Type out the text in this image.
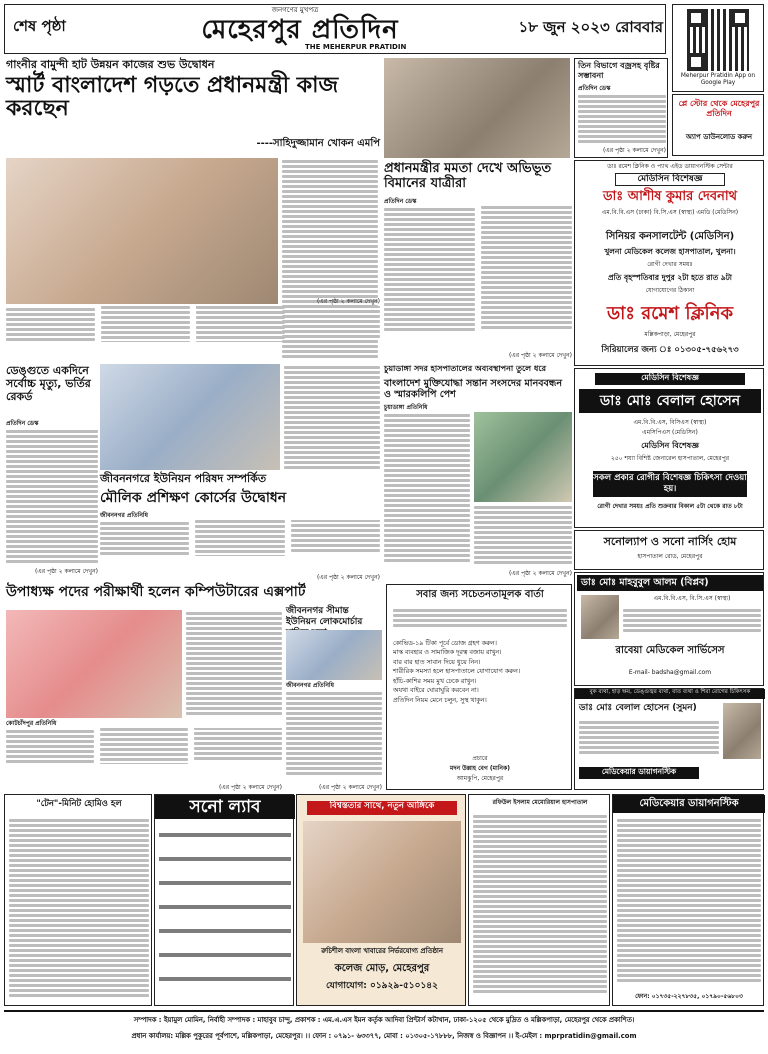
শেষ পৃষ্ঠা
জনগণের মুখপত্র
মেহেরপুর প্রতিদিন
THE MEHERPUR PRATIDIN
১৮ জুন ২০২৩ রোববার
Meherpur Pratidin App on Google Play
গাংনীর বামুন্দী হাট উন্নয়ন কাজের শুভ উদ্বোধন
স্মার্ট বাংলাদেশ গড়তে প্রধানমন্ত্রী কাজ করছেন
----সাহিদুজ্জামান খোকন এমপি
(এর পৃষ্ঠা ২ কলামে দেখুন)
তিন বিভাগে বজ্রসহ বৃষ্টির সম্ভাবনা
প্রতিদিন ডেস্ক
(এর পৃষ্ঠা ২ কলামে দেখুন)
প্লে স্টোর থেকে মেহেরপুর প্রতিদিন
অ্যাপ ডাউনলোড করুন
প্রধানমন্ত্রীর মমতা দেখে অভিভূত বিমানের যাত্রীরা
প্রতিদিন ডেস্ক
(এর পৃষ্ঠা ২ কলামে দেখুন)
ডাঃ রমেশ ক্লিনিক ও প্যাথ এইড ডায়াগনস্টিক সেন্টার
মেডিসিন বিশেষজ্ঞ
ডাঃ আশীষ কুমার দেবনাথ
এম.বি.বি.এস (ঢাকা) বি.সি.এস (স্বাস্থ্য) এমডি (মেডিসিন)
সিনিয়র কনসালটেন্ট (মেডিসিন)
খুলনা মেডিকেল কলেজ হাসপাতাল, খুলনা।
রোগী দেখার সময়ঃ
প্রতি বৃহস্পতিবার দুপুর ২টা হতে রাত ৯টা
যোগাযোগের ঠিকানা
ডাঃ রমেশ ক্লিনিক
মল্লিকপাড়া, মেহেরপুর
সিরিয়ালের জন্য ঃ ০১৩০৫-৭৫৬২৭৩
ডেঙ্গুতে একদিনে সর্বোচ্চ মৃত্যু, ভর্তির রেকর্ড
প্রতিদিন ডেস্ক
(এর পৃষ্ঠা ২ কলামে দেখুন)
জীবননগরে ইউনিয়ন পরিষদ সম্পর্কিত
মৌলিক প্রশিক্ষণ কোর্সের উদ্বোধন
জীবননগর প্রতিনিধি
(এর পৃষ্ঠা ২ কলামে দেখুন)
চুয়াডাঙ্গা সদর হাসপাতালের অব্যবস্থাপনা তুলে ধরে
বাংলাদেশ মুক্তিযোদ্ধা সন্তান সংসদের মানববন্ধন ও স্মারকলিপি পেশ
চুয়াডাঙ্গা প্রতিনিধি
(এর পৃষ্ঠা ২ কলামে দেখুন)
মেডিসিন বিশেষজ্ঞ
ডাঃ মোঃ বেলাল হোসেন
এম.বি.বি.এস, বিসিএস (স্বাস্থ্য)
এমসিপিএস (মেডিসিন)
মেডিসিন বিশেষজ্ঞ
২৫০ শয্যা বিশিষ্ট জেনারেল হাসপাতাল, মেহেরপুর
সকল প্রকার রোগীর বিশেষজ্ঞ চিকিৎসা দেওয়া হয়।
রোগী দেখার সময়ঃ প্রতি শুক্রবার বিকাল ৫টা থেকে রাত ৮টা
সনোল্যাপ ও সনো নার্সিং হোম
হাসপাতাল রোড, মেহেরপুর
ডাঃ মোঃ মাহবুবুল আলম (বিপ্লব)
এম.বি.বি.এস, বি.সি.এস (স্বাস্থ্য)
রাবেয়া মেডিকেল সার্ভিসেস
E-mail- badsha@gmail.com
বুক ব্যথা, হাড় ক্ষয়, ডেঙ্গুজ্বর ব্যথা, বাত ব্যথা ও শিরা রোগের চিকিৎসক
ডাঃ মোঃ বেলাল হোসেন (সুমন)
মেডিকেয়ার ডায়াগনস্টিক
উপাধ্যক্ষ পদের পরীক্ষার্থী হলেন কম্পিউটারের এক্সপার্ট
কোটচাঁদপুর প্রতিনিধি
(এর পৃষ্ঠা ২ কলামে দেখুন)
জীবননগর সীমান্ত ইউনিয়ন লোকমোর্চার
জীবননগর প্রতিনিধি
(এর পৃষ্ঠা ২ কলামে দেখুন)
সবার জন্য সচেতনতামূলক বার্তা
কোভিড-১৯ টিকা পূর্বে ডোজ গ্রহণ করুন।
মাস্ক ব্যবহার ও সামাজিক দূরত্ব বজায় রাখুন।
বার বার হাত সাবান দিয়ে ধুয়ে নিন।
শারীরিক সমস্যা হলে হাসপাতালে যোগাযোগ করুন।
হাঁচি-কাশির সময় মুখ ঢেকে রাখুন।
অযথা বাইরে ঘোরাঘুরি করবেন না।
প্রতিদিন নিয়ম মেনে চলুন, সুস্থ থাকুন।
প্রচারে
মদন উল্লাহ বেগ (মানিক)
আমঝুপি, মেহেরপুর
"টেন"-মিনিট হোমিও হল	সনো ল্যাব	বিশ্বস্ততার সাথে, নতুন আঙ্গিকে
রুচিশীল বাংলা খাবারের নির্ভরযোগ্য প্রতিষ্ঠান
কলেজ মোড়, মেহেরপুর
যোগাযোগ: ০১৯২৯-৫১০১৪২
রফিউল ইসলাম মেমোরিয়াল হাসপাতাল	মেডিকেয়ার ডায়াগনস্টিক
ফোন: ০১৭৩৫-২২৭৮৩৫, ০১৭৯০-৫৬৮০৩
সম্পাদক : ইয়ামুল মোমিন, নির্বাহী সম্পাদক : মাহাবুব চান্দু, প্রকাশক : এম.এ.এস ইমন কর্তৃক আদিবা প্রিন্টার্স কটাখান, ঢাকা-১২০৫ থেকে মুদ্রিত ও মল্লিকপাড়া, মেহেরপুর থেকে প্রকাশিত।
প্রধান কার্যালয়: মল্লিক পুকুরের পূর্বপাশে, মল্লিকপাড়া, মেহেরপুর। ।। ফোন : ০৭৯১- ৬৩৩৭৭, মোবা : ০১৩০৫-১৭৮৮৮, নিজস্ব ও বিজ্ঞাপন ।। ই-মেইল : mprpratidin@gmail.com
